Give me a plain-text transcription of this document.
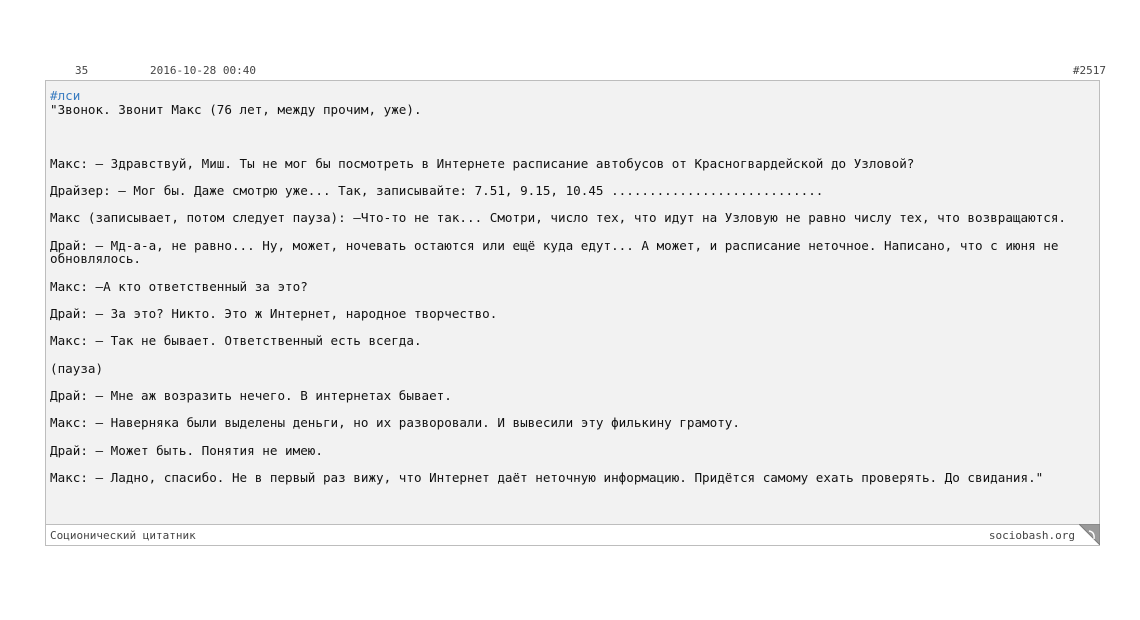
35	2016-10-28 00:40	#2517
#лси
"Звонок. Звонит Макс (76 лет, между прочим, уже).
Макс: – Здравствуй, Миш. Ты не мог бы посмотреть в Интернете расписание автобусов от Красногвардейской до Узловой?
Драйзер: – Мог бы. Даже смотрю уже... Так, записывайте: 7.51, 9.15, 10.45 ............................
Макс (записывает, потом следует пауза): –Что-то не так... Смотри, число тех, что идут на Узловую не равно числу тех, что возвращаются.
Драй: – Мд-а-а, не равно... Ну, может, ночевать остаются или ещё куда едут... А может, и расписание неточное. Написано, что с июня не обновлялось.
Макс: –А кто ответственный за это?
Драй: – За это? Никто. Это ж Интернет, народное творчество.
Макс: – Так не бывает. Ответственный есть всегда.
(пауза)
Драй: – Мне аж возразить нечего. В интернетах бывает.
Макс: – Наверняка были выделены деньги, но их разворовали. И вывесили эту филькину грамоту.
Драй: – Может быть. Понятия не имею.
Макс: – Ладно, спасибо. Не в первый раз вижу, что Интернет даёт неточную информацию. Придётся самому ехать проверять. До свидания."
Соционический цитатник	sociobash.org
